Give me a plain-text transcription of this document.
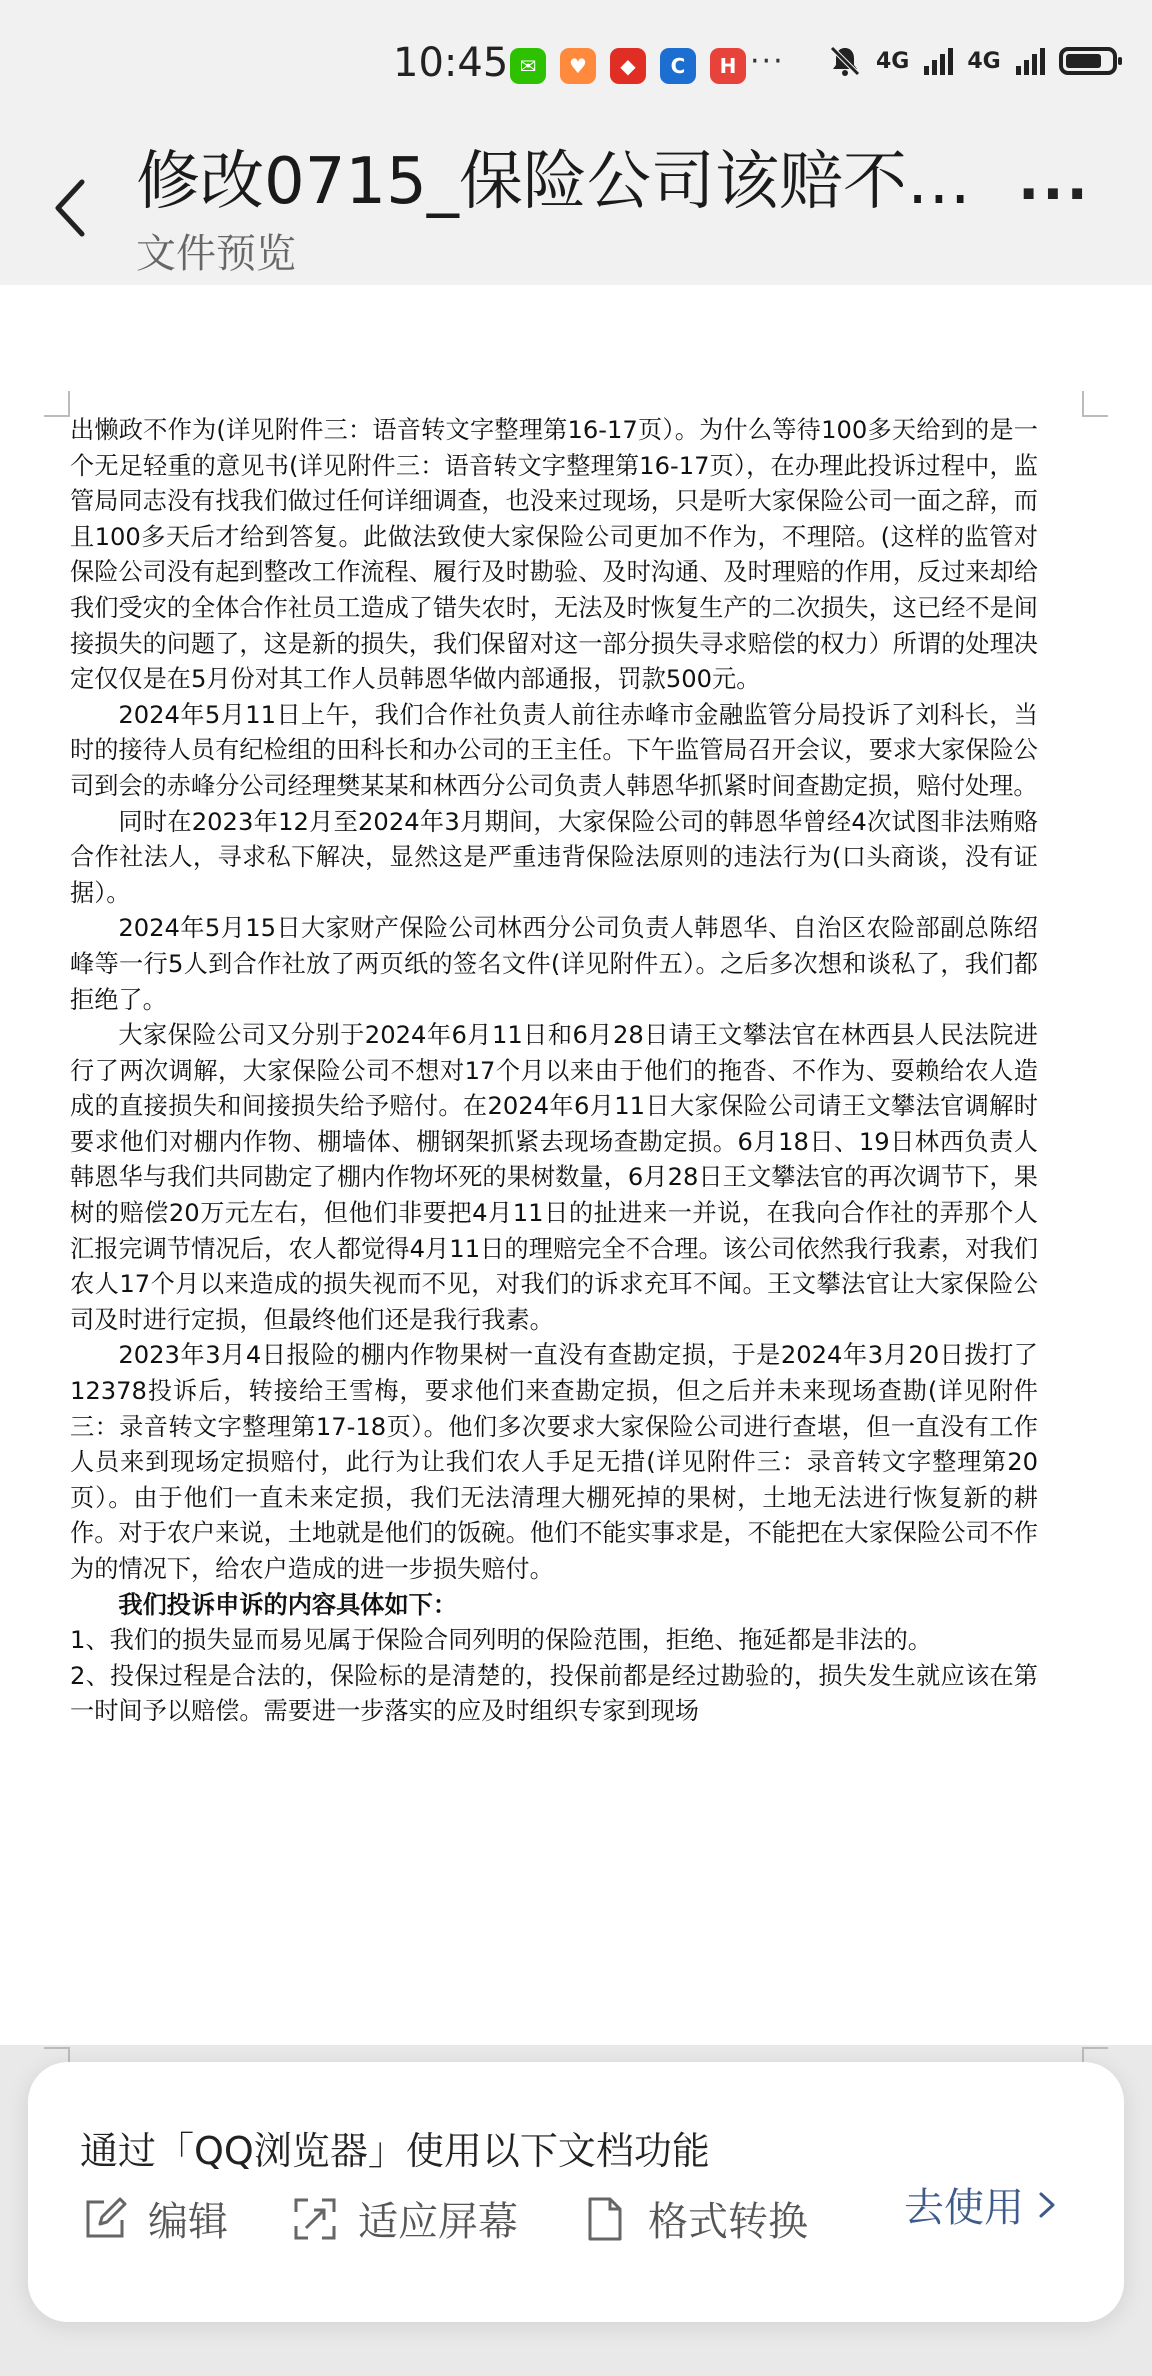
10:45 ✉	♥	◆	C	H ···	4G	4G
修改0715_保险公司该赔不…
文件预览
···

出懒政不作为(详见附件三：语音转文字整理第16-17页）。为什么等待100多天给到的是一个无足轻重的意见书(详见附件三：语音转文字整理第16-17页），在办理此投诉过程中，监管局同志没有找我们做过任何详细调查，也没来过现场，只是听大家保险公司一面之辞，而且100多天后才给到答复。此做法致使大家保险公司更加不作为，不理陪。(这样的监管对保险公司没有起到整改工作流程、履行及时勘验、及时沟通、及时理赔的作用，反过来却给我们受灾的全体合作社员工造成了错失农时，无法及时恢复生产的二次损失，这已经不是间接损失的问题了，这是新的损失，我们保留对这一部分损失寻求赔偿的权力）所谓的处理决定仅仅是在5月份对其工作人员韩恩华做内部通报，罚款500元。

2024年5月11日上午，我们合作社负责人前往赤峰市金融监管分局投诉了刘科长，当时的接待人员有纪检组的田科长和办公司的王主任。下午监管局召开会议，要求大家保险公司到会的赤峰分公司经理樊某某和林西分公司负责人韩恩华抓紧时间查勘定损，赔付处理。

同时在2023年12月至2024年3月期间，大家保险公司的韩恩华曾经4次试图非法贿赂合作社法人，寻求私下解决，显然这是严重违背保险法原则的违法行为(口头商谈，没有证据）。

2024年5月15日大家财产保险公司林西分公司负责人韩恩华、自治区农险部副总陈绍峰等一行5人到合作社放了两页纸的签名文件(详见附件五）。之后多次想和谈私了，我们都拒绝了。

大家保险公司又分别于2024年6月11日和6月28日请王文攀法官在林西县人民法院进行了两次调解，大家保险公司不想对17个月以来由于他们的拖沓、不作为、耍赖给农人造成的直接损失和间接损失给予赔付。在2024年6月11日大家保险公司请王文攀法官调解时要求他们对棚内作物、棚墙体、棚钢架抓紧去现场查勘定损。6月18日、19日林西负责人韩恩华与我们共同勘定了棚内作物坏死的果树数量，6月28日王文攀法官的再次调节下，果树的赔偿20万元左右，但他们非要把4月11日的扯进来一并说，在我向合作社的弄那个人汇报完调节情况后，农人都觉得4月11日的理赔完全不合理。该公司依然我行我素，对我们农人17个月以来造成的损失视而不见，对我们的诉求充耳不闻。王文攀法官让大家保险公司及时进行定损，但最终他们还是我行我素。

2023年3月4日报险的棚内作物果树一直没有查勘定损，于是2024年3月20日拨打了12378投诉后，转接给王雪梅，要求他们来查勘定损，但之后并未来现场查勘(详见附件三：录音转文字整理第17-18页）。他们多次要求大家保险公司进行查堪，但一直没有工作人员来到现场定损赔付，此行为让我们农人手足无措(详见附件三：录音转文字整理第20页）。由于他们一直未来定损，我们无法清理大棚死掉的果树，土地无法进行恢复新的耕作。对于农户来说，土地就是他们的饭碗。他们不能实事求是，不能把在大家保险公司不作为的情况下，给农户造成的进一步损失赔付。

我们投诉申诉的内容具体如下：

1、我们的损失显而易见属于保险合同列明的保险范围，拒绝、拖延都是非法的。

2、投保过程是合法的，保险标的是清楚的，投保前都是经过勘验的，损失发生就应该在第一时间予以赔偿。需要进一步落实的应及时组织专家到现场

通过「QQ浏览器」使用以下文档功能
编辑	适应屏幕	格式转换 去使用
